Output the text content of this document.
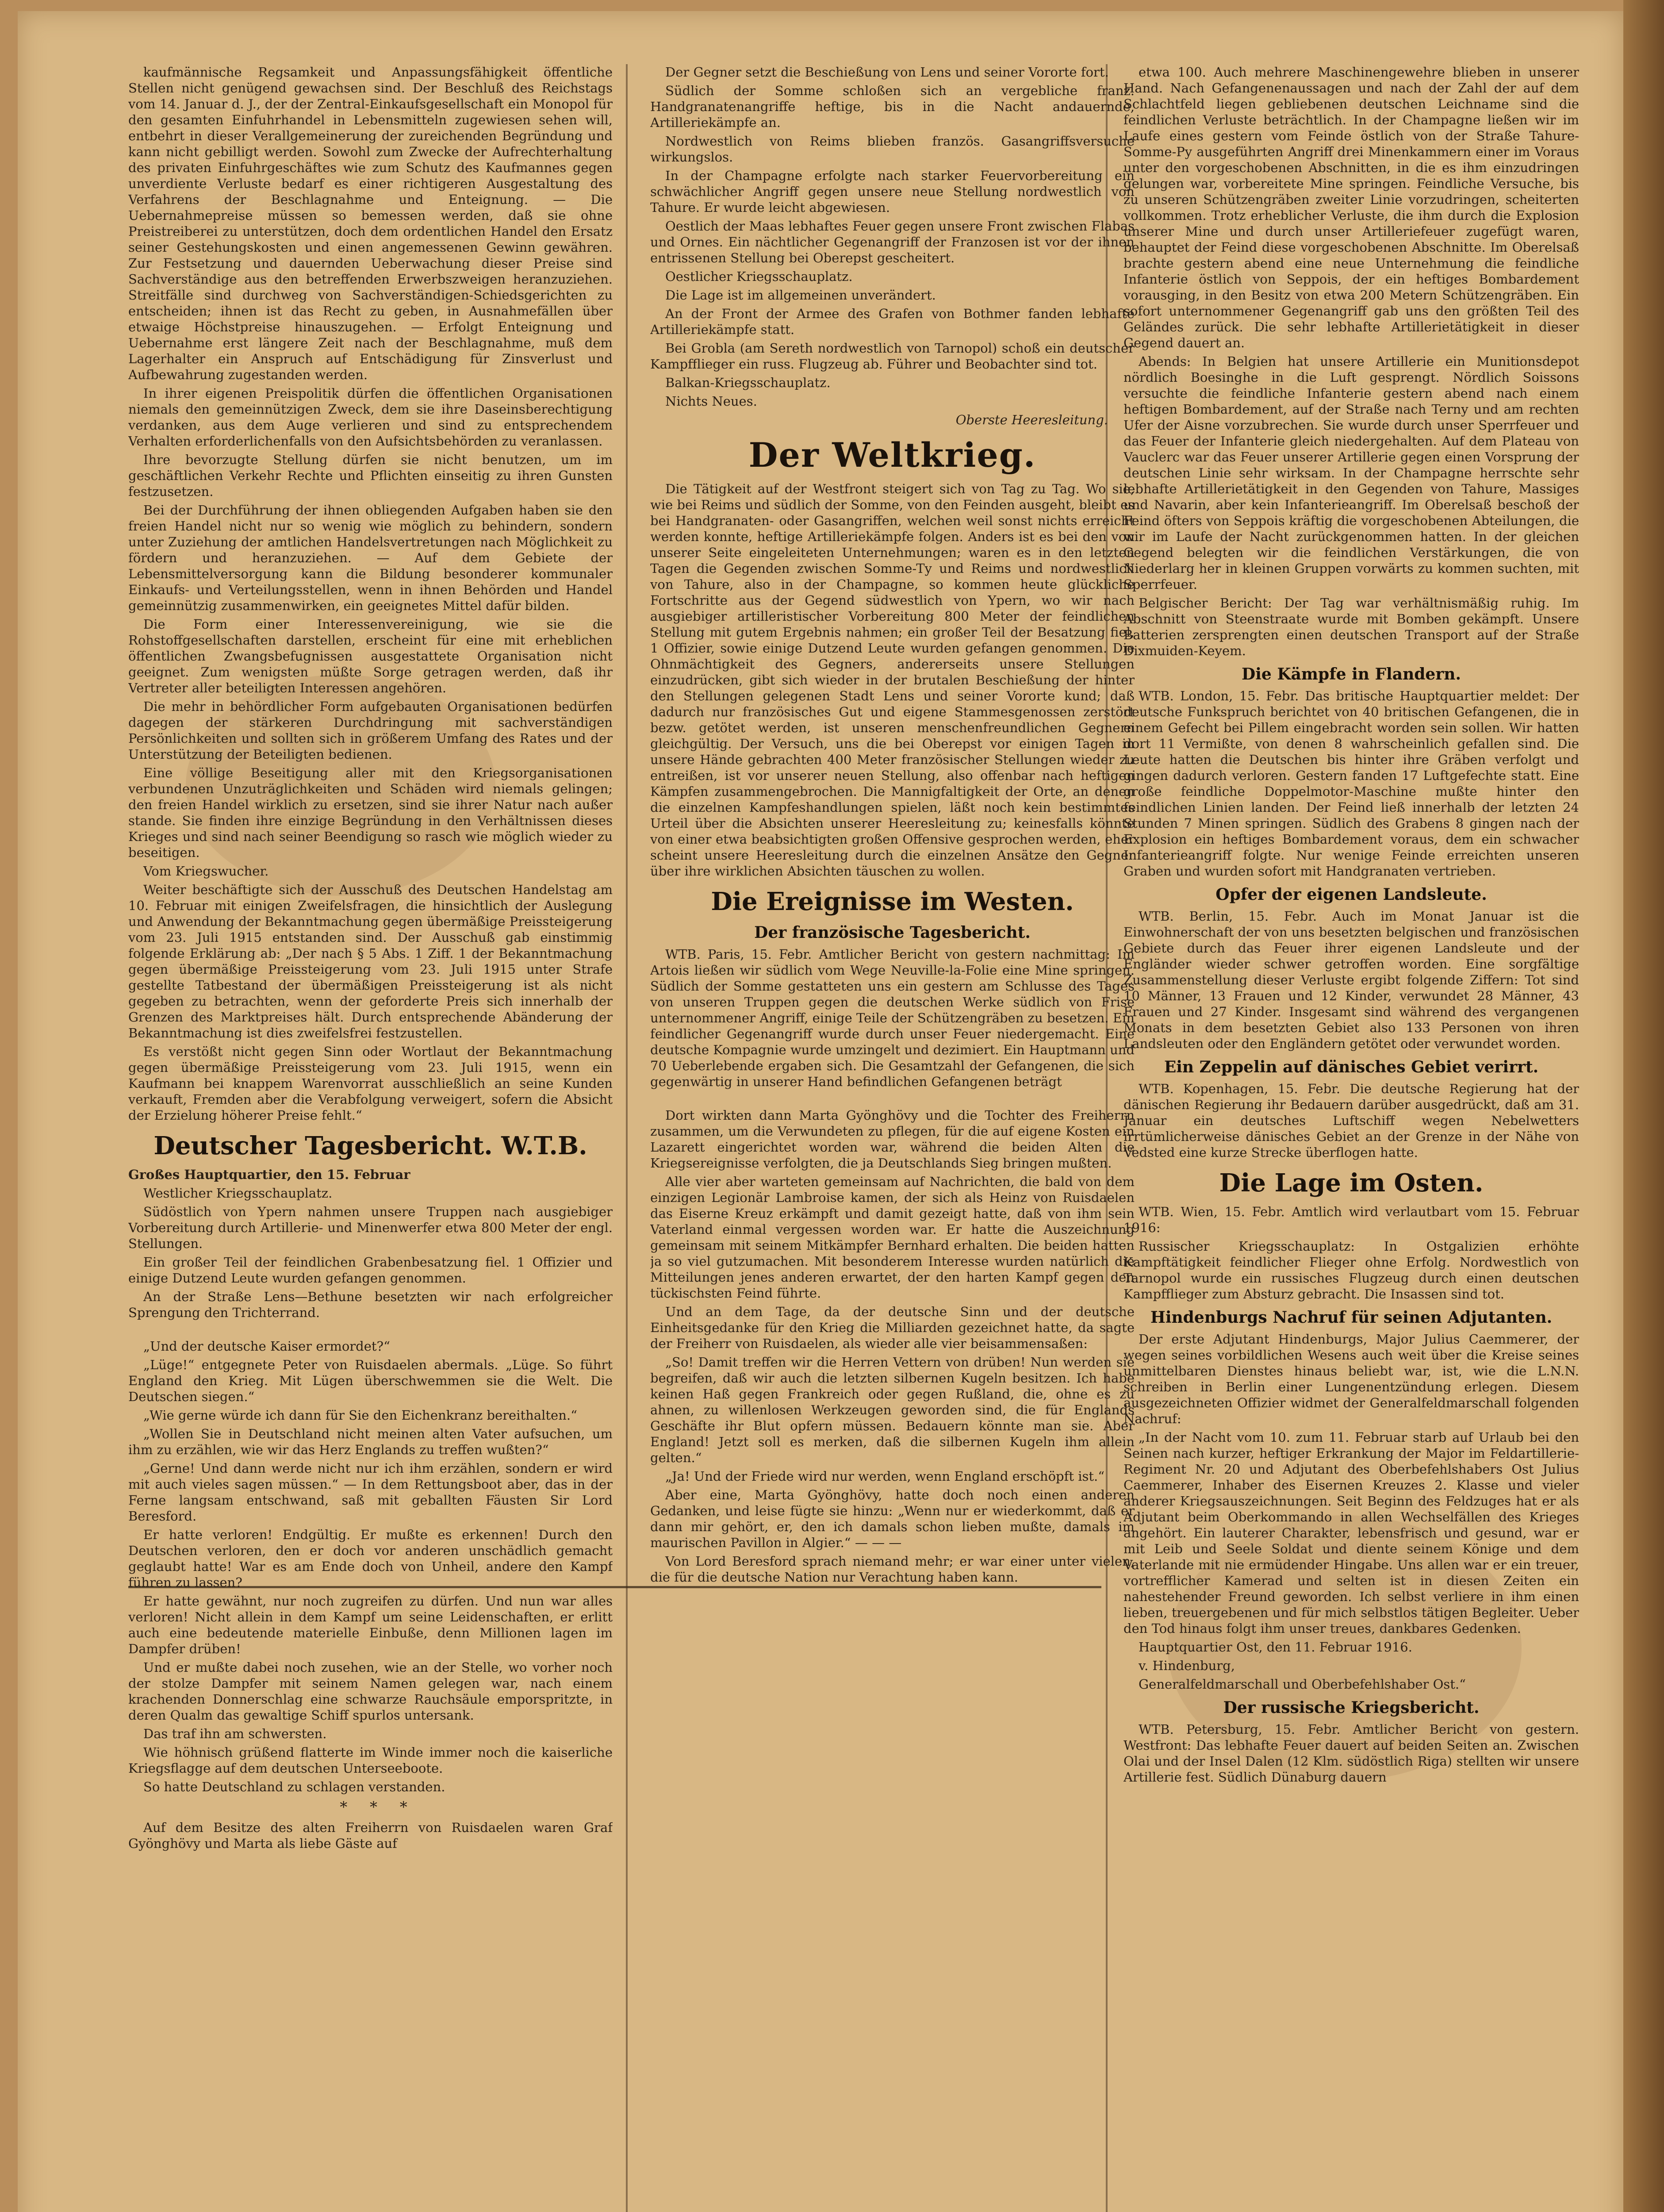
kaufmännische Regsamkeit und Anpassungsfähigkeit öffentliche Stellen nicht genügend gewachsen sind. Der Beschluß des Reichstags vom 14. Januar d. J., der der Zentral-Einkaufsgesellschaft ein Monopol für den gesamten Einfuhrhandel in Lebensmitteln zugewiesen sehen will, entbehrt in dieser Verallgemeinerung der zureichenden Begründung und kann nicht gebilligt werden. Sowohl zum Zwecke der Aufrechterhaltung des privaten Einfuhrgeschäftes wie zum Schutz des Kaufmannes gegen unverdiente Verluste bedarf es einer richtigeren Ausgestaltung des Verfahrens der Beschlagnahme und Enteignung. — Die Uebernahmepreise müssen so bemessen werden, daß sie ohne Preistreiberei zu unterstützen, doch dem ordentlichen Handel den Ersatz seiner Gestehungskosten und einen angemessenen Gewinn gewähren. Zur Festsetzung und dauernden Ueberwachung dieser Preise sind Sachverständige aus den betreffenden Erwerbszweigen heranzuziehen. Streitfälle sind durchweg von Sachverständigen-Schiedsgerichten zu entscheiden; ihnen ist das Recht zu geben, in Ausnahmefällen über etwaige Höchstpreise hinauszugehen. — Erfolgt Enteignung und Uebernahme erst längere Zeit nach der Beschlagnahme, muß dem Lagerhalter ein Anspruch auf Entschädigung für Zinsverlust und Aufbewahrung zugestanden werden.

In ihrer eigenen Preispolitik dürfen die öffentlichen Organisationen niemals den gemeinnützigen Zweck, dem sie ihre Daseinsberechtigung verdanken, aus dem Auge verlieren und sind zu entsprechendem Verhalten erforderlichenfalls von den Aufsichtsbehörden zu veranlassen.

Ihre bevorzugte Stellung dürfen sie nicht benutzen, um im geschäftlichen Verkehr Rechte und Pflichten einseitig zu ihren Gunsten festzusetzen.

Bei der Durchführung der ihnen obliegenden Aufgaben haben sie den freien Handel nicht nur so wenig wie möglich zu behindern, sondern unter Zuziehung der amtlichen Handelsvertretungen nach Möglichkeit zu fördern und heranzuziehen. — Auf dem Gebiete der Lebensmittelversorgung kann die Bildung besonderer kommunaler Einkaufs- und Verteilungsstellen, wenn in ihnen Behörden und Handel gemeinnützig zusammenwirken, ein geeignetes Mittel dafür bilden.

Die Form einer Interessenvereinigung, wie sie die Rohstoffgesellschaften darstellen, erscheint für eine mit erheblichen öffentlichen Zwangsbefugnissen ausgestattete Organisation nicht geeignet. Zum wenigsten müßte Sorge getragen werden, daß ihr Vertreter aller beteiligten Interessen angehören.

Die mehr in behördlicher Form aufgebauten Organisationen bedürfen dagegen der stärkeren Durchdringung mit sachverständigen Persönlichkeiten und sollten sich in größerem Umfang des Rates und der Unterstützung der Beteiligten bedienen.

Eine völlige Beseitigung aller mit den Kriegsorganisationen verbundenen Unzuträglichkeiten und Schäden wird niemals gelingen; den freien Handel wirklich zu ersetzen, sind sie ihrer Natur nach außer stande. Sie finden ihre einzige Begründung in den Verhältnissen dieses Krieges und sind nach seiner Beendigung so rasch wie möglich wieder zu beseitigen.

Vom Kriegswucher.

Weiter beschäftigte sich der Ausschuß des Deutschen Handelstag am 10. Februar mit einigen Zweifelsfragen, die hinsichtlich der Auslegung und Anwendung der Bekanntmachung gegen übermäßige Preissteigerung vom 23. Juli 1915 entstanden sind. Der Ausschuß gab einstimmig folgende Erklärung ab: „Der nach § 5 Abs. 1 Ziff. 1 der Bekanntmachung gegen übermäßige Preissteigerung vom 23. Juli 1915 unter Strafe gestellte Tatbestand der übermäßigen Preissteigerung ist als nicht gegeben zu betrachten, wenn der geforderte Preis sich innerhalb der Grenzen des Marktpreises hält. Durch entsprechende Abänderung der Bekanntmachung ist dies zweifelsfrei festzustellen.

Es verstößt nicht gegen Sinn oder Wortlaut der Bekanntmachung gegen übermäßige Preissteigerung vom 23. Juli 1915, wenn ein Kaufmann bei knappem Warenvorrat ausschließlich an seine Kunden verkauft, Fremden aber die Verabfolgung verweigert, sofern die Absicht der Erzielung höherer Preise fehlt.“

Deutscher Tagesbericht. W.T.B.

Großes Hauptquartier, den 15. Februar

Westlicher Kriegsschauplatz.

Südöstlich von Ypern nahmen unsere Truppen nach ausgiebiger Vorbereitung durch Artillerie- und Minenwerfer etwa 800 Meter der engl. Stellungen.

Ein großer Teil der feindlichen Grabenbesatzung fiel. 1 Offizier und einige Dutzend Leute wurden gefangen genommen.

An der Straße Lens—Bethune besetzten wir nach erfolgreicher Sprengung den Trichterrand.

„Und der deutsche Kaiser ermordet?“

„Lüge!“ entgegnete Peter von Ruisdaelen abermals. „Lüge. So führt England den Krieg. Mit Lügen überschwemmen sie die Welt. Die Deutschen siegen.“

„Wie gerne würde ich dann für Sie den Eichenkranz bereithalten.“

„Wollen Sie in Deutschland nicht meinen alten Vater aufsuchen, um ihm zu erzählen, wie wir das Herz Englands zu treffen wußten?“

„Gerne! Und dann werde nicht nur ich ihm erzählen, sondern er wird mit auch vieles sagen müssen.“ — In dem Rettungsboot aber, das in der Ferne langsam entschwand, saß mit geballten Fäusten Sir Lord Beresford.

Er hatte verloren! Endgültig. Er mußte es erkennen! Durch den Deutschen verloren, den er doch vor anderen unschädlich gemacht geglaubt hatte! War es am Ende doch von Unheil, andere den Kampf führen zu lassen?

Er hatte gewähnt, nur noch zugreifen zu dürfen. Und nun war alles verloren! Nicht allein in dem Kampf um seine Leidenschaften, er erlitt auch eine bedeutende materielle Einbuße, denn Millionen lagen im Dampfer drüben!

Und er mußte dabei noch zusehen, wie an der Stelle, wo vorher noch der stolze Dampfer mit seinem Namen gelegen war, nach einem krachenden Donnerschlag eine schwarze Rauchsäule emporspritzte, in deren Qualm das gewaltige Schiff spurlos untersank.

Das traf ihn am schwersten.

Wie höhnisch grüßend flatterte im Winde immer noch die kaiserliche Kriegsflagge auf dem deutschen Unterseeboote.

So hatte Deutschland zu schlagen verstanden.

* * *

Auf dem Besitze des alten Freiherrn von Ruisdaelen waren Graf Gyönghövy und Marta als liebe Gäste auf

Der Gegner setzt die Beschießung von Lens und seiner Vororte fort.

Südlich der Somme schloßen sich an vergebliche franz. Handgranatenangriffe heftige, bis in die Nacht andauernde, Artilleriekämpfe an.

Nordwestlich von Reims blieben französ. Gasangriffsversuche wirkungslos.

In der Champagne erfolgte nach starker Feuervorbereitung ein schwächlicher Angriff gegen unsere neue Stellung nordwestlich von Tahure. Er wurde leicht abgewiesen.

Oestlich der Maas lebhaftes Feuer gegen unsere Front zwischen Flabas und Ornes. Ein nächtlicher Gegenangriff der Franzosen ist vor der ihnen entrissenen Stellung bei Oberepst gescheitert.

Oestlicher Kriegsschauplatz.

Die Lage ist im allgemeinen unverändert.

An der Front der Armee des Grafen von Bothmer fanden lebhafte Artilleriekämpfe statt.

Bei Grobla (am Sereth nordwestlich von Tarnopol) schoß ein deutscher Kampfflieger ein russ. Flugzeug ab. Führer und Beobachter sind tot.

Balkan-Kriegsschauplatz.

Nichts Neues.

Oberste Heeresleitung.

Der Weltkrieg.

Die Tätigkeit auf der Westfront steigert sich von Tag zu Tag. Wo sie, wie bei Reims und südlich der Somme, von den Feinden ausgeht, bleibt es bei Handgranaten- oder Gasangriffen, welchen weil sonst nichts erreicht werden konnte, heftige Artilleriekämpfe folgen. Anders ist es bei den von unserer Seite eingeleiteten Unternehmungen; waren es in den letzten Tagen die Gegenden zwischen Somme-Ty und Reims und nordwestlich von Tahure, also in der Champagne, so kommen heute glückliche Fortschritte aus der Gegend südwestlich von Ypern, wo wir nach ausgiebiger artilleristischer Vorbereitung 800 Meter der feindlichen Stellung mit gutem Ergebnis nahmen; ein großer Teil der Besatzung fiel, 1 Offizier, sowie einige Dutzend Leute wurden gefangen genommen. Die Ohnmächtigkeit des Gegners, andererseits unsere Stellungen einzudrücken, gibt sich wieder in der brutalen Beschießung der hinter den Stellungen gelegenen Stadt Lens und seiner Vororte kund; daß dadurch nur französisches Gut und eigene Stammesgenossen zerstört bezw. getötet werden, ist unseren menschenfreundlichen Gegnern gleichgültig. Der Versuch, uns die bei Oberepst vor einigen Tagen in unsere Hände gebrachten 400 Meter französischer Stellungen wieder zu entreißen, ist vor unserer neuen Stellung, also offenbar nach heftigen Kämpfen zusammengebrochen. Die Mannigfaltigkeit der Orte, an denen die einzelnen Kampfeshandlungen spielen, läßt noch kein bestimmtes Urteil über die Absichten unserer Heeresleitung zu; keinesfalls könnte von einer etwa beabsichtigten großen Offensive gesprochen werden, eher scheint unsere Heeresleitung durch die einzelnen Ansätze den Gegner über ihre wirklichen Absichten täuschen zu wollen.

Die Ereignisse im Westen.
Der französische Tagesbericht.

WTB. Paris, 15. Febr. Amtlicher Bericht von gestern nachmittag: Im Artois ließen wir südlich vom Wege Neuville-la-Folie eine Mine springen. Südlich der Somme gestatteten uns ein gestern am Schlusse des Tages von unseren Truppen gegen die deutschen Werke südlich von Frise unternommener Angriff, einige Teile der Schützengräben zu besetzen. Ein feindlicher Gegenangriff wurde durch unser Feuer niedergemacht. Eine deutsche Kompagnie wurde umzingelt und dezimiert. Ein Hauptmann und 70 Ueberlebende ergaben sich. Die Gesamtzahl der Gefangenen, die sich gegenwärtig in unserer Hand befindlichen Gefangenen beträgt

Dort wirkten dann Marta Gyönghövy und die Tochter des Freiherrn zusammen, um die Verwundeten zu pflegen, für die auf eigene Kosten ein Lazarett eingerichtet worden war, während die beiden Alten die Kriegsereignisse verfolgten, die ja Deutschlands Sieg bringen mußten.

Alle vier aber warteten gemeinsam auf Nachrichten, die bald von dem einzigen Legionär Lambroise kamen, der sich als Heinz von Ruisdaelen das Eiserne Kreuz erkämpft und damit gezeigt hatte, daß von ihm sein Vaterland einmal vergessen worden war. Er hatte die Auszeichnung gemeinsam mit seinem Mitkämpfer Bernhard erhalten. Die beiden hatten ja so viel gutzumachen. Mit besonderem Interesse wurden natürlich die Mitteilungen jenes anderen erwartet, der den harten Kampf gegen den tückischsten Feind führte.

Und an dem Tage, da der deutsche Sinn und der deutsche Einheitsgedanke für den Krieg die Milliarden gezeichnet hatte, da sagte der Freiherr von Ruisdaelen, als wieder alle vier beisammensaßen:

„So! Damit treffen wir die Herren Vettern von drüben! Nun werden sie begreifen, daß wir auch die letzten silbernen Kugeln besitzen. Ich habe keinen Haß gegen Frankreich oder gegen Rußland, die, ohne es zu ahnen, zu willenlosen Werkzeugen geworden sind, die für Englands Geschäfte ihr Blut opfern müssen. Bedauern könnte man sie. Aber England! Jetzt soll es merken, daß die silbernen Kugeln ihm allein gelten.“

„Ja! Und der Friede wird nur werden, wenn England erschöpft ist.“

Aber eine, Marta Gyönghövy, hatte doch noch einen anderen Gedanken, und leise fügte sie hinzu: „Wenn nur er wiederkommt, daß er dann mir gehört, er, den ich damals schon lieben mußte, damals im maurischen Pavillon in Algier.“ — — —

Von Lord Beresford sprach niemand mehr; er war einer unter vielen, die für die deutsche Nation nur Verachtung haben kann.

etwa 100. Auch mehrere Maschinengewehre blieben in unserer Hand. Nach Gefangenenaussagen und nach der Zahl der auf dem Schlachtfeld liegen gebliebenen deutschen Leichname sind die feindlichen Verluste beträchtlich. In der Champagne ließen wir im Laufe eines gestern vom Feinde östlich von der Straße Tahure-Somme-Py ausgeführten Angriff drei Minenkammern einer im Voraus unter den vorgeschobenen Abschnitten, in die es ihm einzudringen gelungen war, vorbereitete Mine springen. Feindliche Versuche, bis zu unseren Schützengräben zweiter Linie vorzudringen, scheiterten vollkommen. Trotz erheblicher Verluste, die ihm durch die Explosion unserer Mine und durch unser Artilleriefeuer zugefügt waren, behauptet der Feind diese vorgeschobenen Abschnitte. Im Oberelsaß brachte gestern abend eine neue Unternehmung die feindliche Infanterie östlich von Seppois, der ein heftiges Bombardement vorausging, in den Besitz von etwa 200 Metern Schützengräben. Ein sofort unternommener Gegenangriff gab uns den größten Teil des Geländes zurück. Die sehr lebhafte Artillerietätigkeit in dieser Gegend dauert an.

Abends: In Belgien hat unsere Artillerie ein Munitionsdepot nördlich Boesinghe in die Luft gesprengt. Nördlich Soissons versuchte die feindliche Infanterie gestern abend nach einem heftigen Bombardement, auf der Straße nach Terny und am rechten Ufer der Aisne vorzubrechen. Sie wurde durch unser Sperrfeuer und das Feuer der Infanterie gleich niedergehalten. Auf dem Plateau von Vauclerc war das Feuer unserer Artillerie gegen einen Vorsprung der deutschen Linie sehr wirksam. In der Champagne herrschte sehr lebhafte Artillerietätigkeit in den Gegenden von Tahure, Massiges und Navarin, aber kein Infanterieangriff. Im Oberelsaß beschoß der Feind öfters von Seppois kräftig die vorgeschobenen Abteilungen, die wir im Laufe der Nacht zurückgenommen hatten. In der gleichen Gegend belegten wir die feindlichen Verstärkungen, die von Niederlarg her in kleinen Gruppen vorwärts zu kommen suchten, mit Sperrfeuer.

Belgischer Bericht: Der Tag war verhältnismäßig ruhig. Im Abschnitt von Steenstraate wurde mit Bomben gekämpft. Unsere Batterien zersprengten einen deutschen Transport auf der Straße Dixmuiden-Keyem.

Die Kämpfe in Flandern.

WTB. London, 15. Febr. Das britische Hauptquartier meldet: Der deutsche Funkspruch berichtet von 40 britischen Gefangenen, die in einem Gefecht bei Pillem eingebracht worden sein sollen. Wir hatten dort 11 Vermißte, von denen 8 wahrscheinlich gefallen sind. Die Leute hatten die Deutschen bis hinter ihre Gräben verfolgt und gingen dadurch verloren. Gestern fanden 17 Luftgefechte statt. Eine große feindliche Doppelmotor-Maschine mußte hinter den feindlichen Linien landen. Der Feind ließ innerhalb der letzten 24 Stunden 7 Minen springen. Südlich des Grabens 8 gingen nach der Explosion ein heftiges Bombardement voraus, dem ein schwacher Infanterieangriff folgte. Nur wenige Feinde erreichten unseren Graben und wurden sofort mit Handgranaten vertrieben.

Opfer der eigenen Landsleute.

WTB. Berlin, 15. Febr. Auch im Monat Januar ist die Einwohnerschaft der von uns besetzten belgischen und französischen Gebiete durch das Feuer ihrer eigenen Landsleute und der Engländer wieder schwer getroffen worden. Eine sorgfältige Zusammenstellung dieser Verluste ergibt folgende Ziffern: Tot sind 10 Männer, 13 Frauen und 12 Kinder, verwundet 28 Männer, 43 Frauen und 27 Kinder. Insgesamt sind während des vergangenen Monats in dem besetzten Gebiet also 133 Personen von ihren Landsleuten oder den Engländern getötet oder verwundet worden.

Ein Zeppelin auf dänisches Gebiet verirrt.

WTB. Kopenhagen, 15. Febr. Die deutsche Regierung hat der dänischen Regierung ihr Bedauern darüber ausgedrückt, daß am 31. Januar ein deutsches Luftschiff wegen Nebelwetters irrtümlicherweise dänisches Gebiet an der Grenze in der Nähe von Vedsted eine kurze Strecke überflogen hatte.

Die Lage im Osten.

WTB. Wien, 15. Febr. Amtlich wird verlautbart vom 15. Februar 1916:

Russischer Kriegsschauplatz: In Ostgalizien erhöhte Kampftätigkeit feindlicher Flieger ohne Erfolg. Nordwestlich von Tarnopol wurde ein russisches Flugzeug durch einen deutschen Kampfflieger zum Absturz gebracht. Die Insassen sind tot.

Hindenburgs Nachruf für seinen Adjutanten.

Der erste Adjutant Hindenburgs, Major Julius Caemmerer, der wegen seines vorbildlichen Wesens auch weit über die Kreise seines unmittelbaren Dienstes hinaus beliebt war, ist, wie die L.N.N. schreiben in Berlin einer Lungenentzündung erlegen. Diesem ausgezeichneten Offizier widmet der Generalfeldmarschall folgenden Nachruf:

„In der Nacht vom 10. zum 11. Februar starb auf Urlaub bei den Seinen nach kurzer, heftiger Erkrankung der Major im Feldartillerie-Regiment Nr. 20 und Adjutant des Oberbefehlshabers Ost Julius Caemmerer, Inhaber des Eisernen Kreuzes 2. Klasse und vieler anderer Kriegsauszeichnungen. Seit Beginn des Feldzuges hat er als Adjutant beim Oberkommando in allen Wechselfällen des Krieges angehört. Ein lauterer Charakter, lebensfrisch und gesund, war er mit Leib und Seele Soldat und diente seinem Könige und dem Vaterlande mit nie ermüdender Hingabe. Uns allen war er ein treuer, vortrefflicher Kamerad und selten ist in diesen Zeiten ein nahestehender Freund geworden. Ich selbst verliere in ihm einen lieben, treuergebenen und für mich selbstlos tätigen Begleiter. Ueber den Tod hinaus folgt ihm unser treues, dankbares Gedenken.

Hauptquartier Ost, den 11. Februar 1916.

v. Hindenburg,

Generalfeldmarschall und Oberbefehlshaber Ost.“

Der russische Kriegsbericht.

WTB. Petersburg, 15. Febr. Amtlicher Bericht von gestern. Westfront: Das lebhafte Feuer dauert auf beiden Seiten an. Zwischen Olai und der Insel Dalen (12 Klm. südöstlich Riga) stellten wir unsere Artillerie fest. Südlich Dünaburg dauern
